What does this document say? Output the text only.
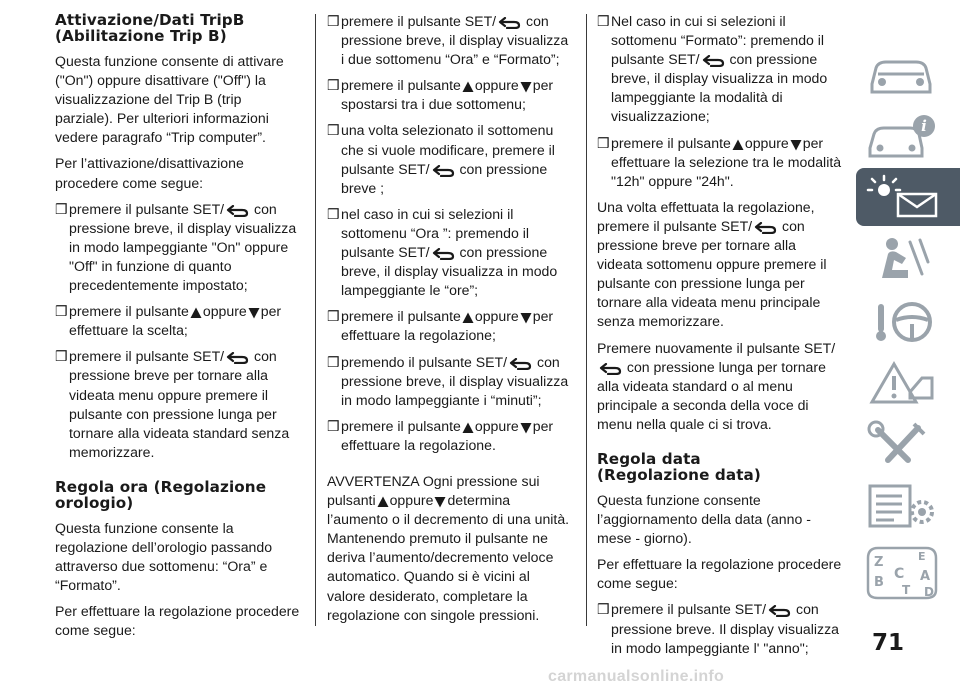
Attivazione/Dati TripB
(Abilitazione Trip B)

Questa funzione consente di attivare ("On") oppure disattivare ("Off") la visualizzazione del Trip B (trip parziale). Per ulteriori informazioni vedere paragrafo “Trip computer”.

Per l’attivazione/disattivazione procedere come segue:

❒ premere il pulsante SET/ con pressione breve, il display visualizza in modo lampeggiante "On" oppure "Off" in funzione di quanto precedentemente impostato;
❒ premere il pulsante oppure per effettuare la scelta;
❒ premere il pulsante SET/ con pressione breve per tornare alla videata menu oppure premere il pulsante con pressione lunga per tornare alla videata standard senza memorizzare.
Regola ora (Regolazione
orologio)

Questa funzione consente la regolazione dell’orologio passando attraverso due sottomenu: “Ora” e “Formato”.

Per effettuare la regolazione procedere come segue:

❒ premere il pulsante SET/ con pressione breve, il display visualizza i due sottomenu “Ora” e “Formato”;
❒ premere il pulsante oppure per spostarsi tra i due sottomenu;
❒ una volta selezionato il sottomenu che si vuole modificare, premere il pulsante SET/ con pressione breve ;
❒ nel caso in cui si selezioni il sottomenu “Ora ”: premendo il pulsante SET/ con pressione breve, il display visualizza in modo lampeggiante le “ore”;
❒ premere il pulsante oppure per effettuare la regolazione;
❒ premendo il pulsante SET/ con pressione breve, il display visualizza in modo lampeggiante i “minuti”;
❒ premere il pulsante oppure per effettuare la regolazione.

AVVERTENZA Ogni pressione sui pulsanti oppure determina l’aumento o il decremento di una unità. Mantenendo premuto il pulsante ne deriva l’aumento/decremento veloce automatico. Quando si è vicini al valore desiderato, completare la regolazione con singole pressioni.

❒ Nel caso in cui si selezioni il sottomenu “Formato”: premendo il pulsante SET/ con pressione breve, il display visualizza in modo lampeggiante la modalità di visualizzazione;
❒ premere il pulsante oppure per effettuare la selezione tra le modalità "12h" oppure "24h".

Una volta effettuata la regolazione, premere il pulsante SET/ con pressione breve per tornare alla videata sottomenu oppure premere il pulsante con pressione lunga per tornare alla videata menu principale senza memorizzare.

Premere nuovamente il pulsante SET/  con pressione lunga per tornare alla videata standard o al menu principale a seconda della voce di menu nella quale ci si trova.

Regola data
(Regolazione data)

Questa funzione consente l’aggiornamento della data (anno - mese - giorno).

Per effettuare la regolazione procedere come segue:

❒ premere il pulsante SET/ con pressione breve. Il display visualizza in modo lampeggiante l' "anno";
i
Z	E
A
B
C
T D
71
carmanualsonline.info
